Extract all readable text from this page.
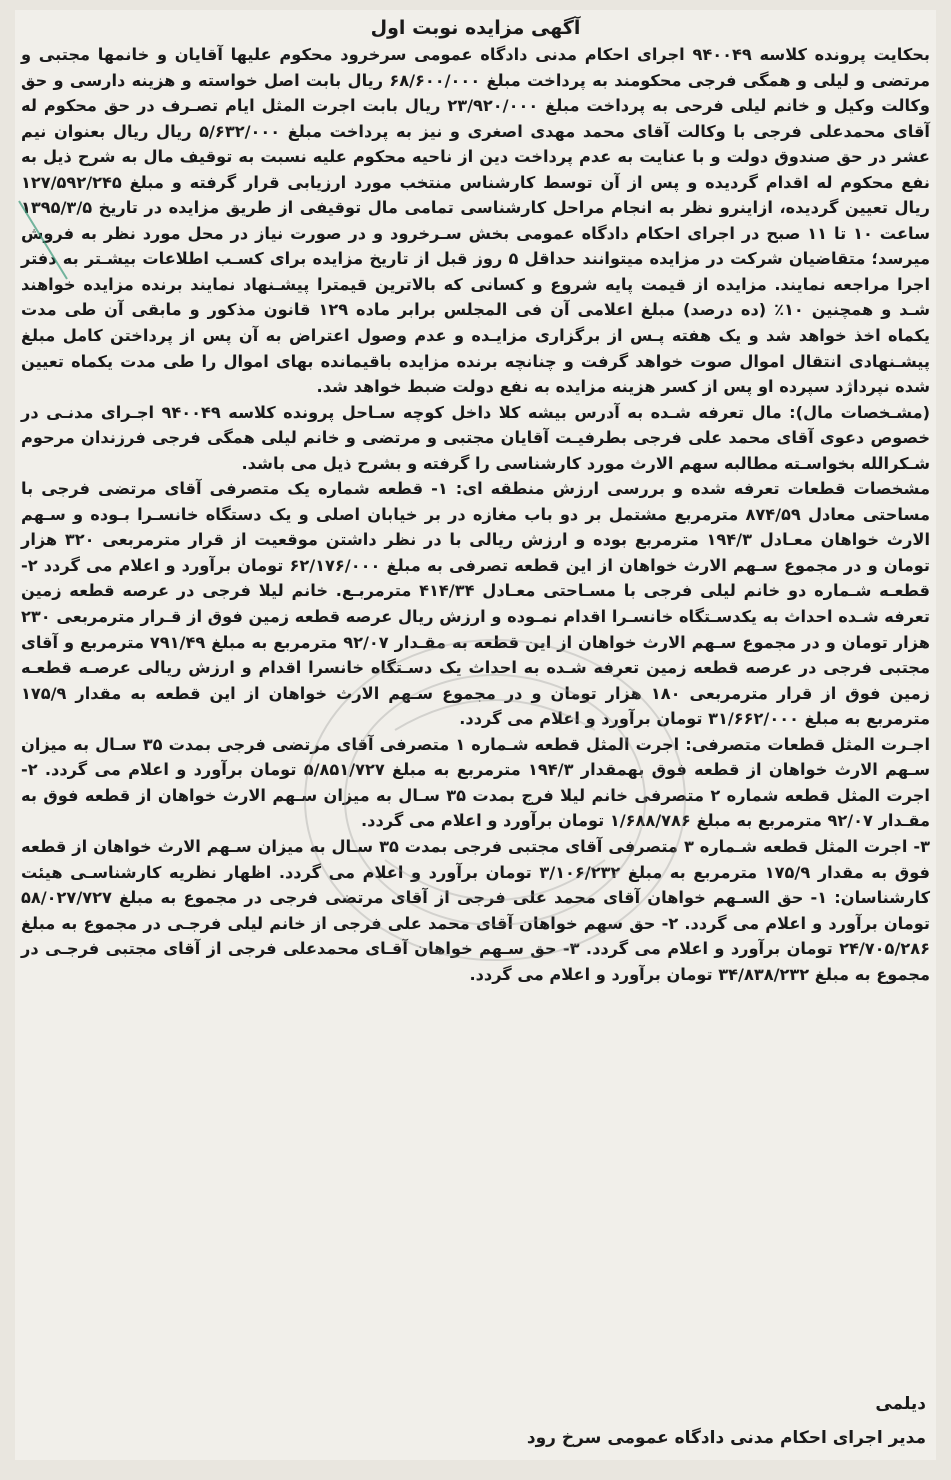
آگهی مزایده نوبت اول

بحکایت پرونده کلاسه ۹۴۰۰۴۹ اجرای احکام مدنی دادگاه عمومی سرخرود محکوم علیها آقایان و خانمها مجتبی و مرتضی و لیلی و همگی فرجی محکومند به پرداخت مبلغ ۶۸/۶۰۰/۰۰۰ ریال بابت اصل خواسته و هزینه دارسی و حق وکالت وکیل و خانم لیلی فرحی به پرداخت مبلغ ۲۳/۹۲۰/۰۰۰ ریال بابت اجرت المثل ایام تصـرف در حق محکوم له آقای محمدعلی فرجی با وکالت آقای محمد مهدی اصغری و نیز به پرداخت مبلغ ۵/۶۳۲/۰۰۰ ریال ریال بعنوان نیم عشر در حق صندوق دولت و با عنایت به عدم پرداخت دین از ناحیه محکوم علیه نسبت به توقیف مال به شرح ذیل به نفع محکوم له اقدام گردیده و پس از آن توسط کارشناس منتخب مورد ارزیابی قرار گرفته و مبلغ ۱۲۷/۵۹۲/۲۴۵ ریال تعیین گردیده، ازاینرو نظر به انجام مراحل کارشناسی تمامی مال توقیفی از طریق مزایده در تاریخ ۱۳۹۵/۳/۵ ساعت ۱۰ تا ۱۱ صبح در اجرای احکام دادگاه عمومی بخش سـرخرود و در صورت نیاز در محل مورد نظر به فروش میرسد؛ متقاضیان شرکت در مزایده میتوانند حداقل ۵ روز قبل از تاریخ مزایده برای کسـب اطلاعات بیشـتر به دفتر اجرا مراجعه نمایند. مزایده از قیمت پایه شروع و کسانی که بالاترین قیمترا پیشـنهاد نمایند برنده مزایده خواهند شـد و همچنین ۱۰٪ (ده درصد) مبلغ اعلامی آن فی المجلس برابر ماده ۱۲۹ قانون مذکور و مابقی آن طی مدت یکماه اخذ خواهد شد و یک هفته پـس از برگزاری مزایـده و عدم وصول اعتراض به آن پس از پرداختن کامل مبلغ پیشـنهادی انتقال اموال صوت خواهد گرفت و چنانچه برنده مزایده باقیمانده بهای اموال را طی مدت یکماه تعیین شده نپرداژد سپرده او پس از کسر هزینه مزایده به نفع دولت ضبط خواهد شد.

(مشـخصات مال): مال تعرفه شـده به آدرس بیشه کلا داخل کوچه سـاحل پرونده کلاسه ۹۴۰۰۴۹ اجـرای مدنـی در خصوص دعوی آقای محمد علی فرجی بطرفیـت آقایان مجتبی و مرتضی و خانم لیلی همگی فرجی فرزندان مرحوم شـکرالله بخواسـته مطالبه سهم الارث مورد کارشناسی را گرفته و بشرح ذیل می باشد.

مشخصات قطعات تعرفه شده و بررسی ارزش منطقه ای: ۱- قطعه شماره یک متصرفی آقای مرتضی فرجی با مساحتی معادل ۸۷۴/۵۹ مترمربع مشتمل بر دو باب مغازه در بر خیابان اصلی و یک دستگاه خانسـرا بـوده و سـهم الارث خواهان معـادل ۱۹۴/۳ مترمربع بوده و ارزش ریالی با در نظر داشتن موقعیت از قرار مترمربعی ۳۲۰ هزار تومان و در مجموع سـهم الارث خواهان از این قطعه تصرفی به مبلغ ۶۲/۱۷۶/۰۰۰ تومان برآورد و اعلام می گردد ۲- قطعـه شـماره دو خانم لیلی فرجی با مسـاحتی معـادل ۴۱۴/۳۴ مترمربـع. خانم لیلا فرجی در عرصه قطعه زمین تعرفه شـده احداث به یکدسـتگاه خانسـرا اقدام نمـوده و ارزش ریال عرصه قطعه زمین فوق از قـرار مترمربعی ۲۳۰ هزار تومان و در مجموع سـهم الارث خواهان از این قطعه به مقـدار ۹۲/۰۷ مترمربع به مبلغ ۷۹۱/۴۹ مترمربع و آقای مجتبی فرجی در عرصه قطعه زمین تعرفه شـده به احداث یک دسـتگاه خانسرا اقدام و ارزش ریالی عرصـه قطعـه زمین فوق از قرار مترمربعی ۱۸۰ هزار تومان و در مجموع سـهم الارث خواهان از این قطعه به مقدار ۱۷۵/۹ مترمربع به مبلغ ۳۱/۶۶۲/۰۰۰ تومان برآورد و اعلام می گردد.

اجـرت المثل قطعات متصرفی: اجرت المثل قطعه شـماره ۱ متصرفی آقای مرتضی فرجی بمدت ۳۵ سـال به میزان سـهم الارث خواهان از قطعه فوق بهمقدار ۱۹۴/۳ مترمربع به مبلغ ۵/۸۵۱/۷۲۷ تومان برآورد و اعلام می گردد. ۲- اجرت المثل قطعه شماره ۲ متصرفی خانم لیلا فرج بمدت ۳۵ سـال به میزان سـهم الارث خواهان از قطعه فوق به مقـدار ۹۲/۰۷ مترمربع به مبلغ ۱/۶۸۸/۷۸۶ تومان برآورد و اعلام می گردد.

۳- اجرت المثل قطعه شـماره ۳ متصرفی آقای مجتبی فرجی بمدت ۳۵ سـال به میزان سـهم الارث خواهان از قطعه فوق به مقدار ۱۷۵/۹ مترمربع به مبلغ ۳/۱۰۶/۲۳۲ تومان برآورد و اعلام می گردد. اظهار نظریه کارشناسـی هیئت کارشناسان: ۱- حق السـهم خواهان آقای محمد علی فرجی از آقای مرتضی فرجی در مجموع به مبلغ ۵۸/۰۲۷/۷۲۷ تومان برآورد و اعلام می گردد. ۲- حق سهم خواهان آقای محمد علی فرجی از خانم لیلی فرجـی در مجموع به مبلغ ۲۴/۷۰۵/۲۸۶ تومان برآورد و اعلام می گردد. ۳- حق سـهم خواهان آقـای محمدعلی فرجی از آقای مجتبی فرجـی در مجموع به مبلغ ۳۴/۸۳۸/۲۳۲ تومان برآورد و اعلام می گردد.

دیلمی
مدیر اجرای احکام مدنی دادگاه عمومی سرخ رود
